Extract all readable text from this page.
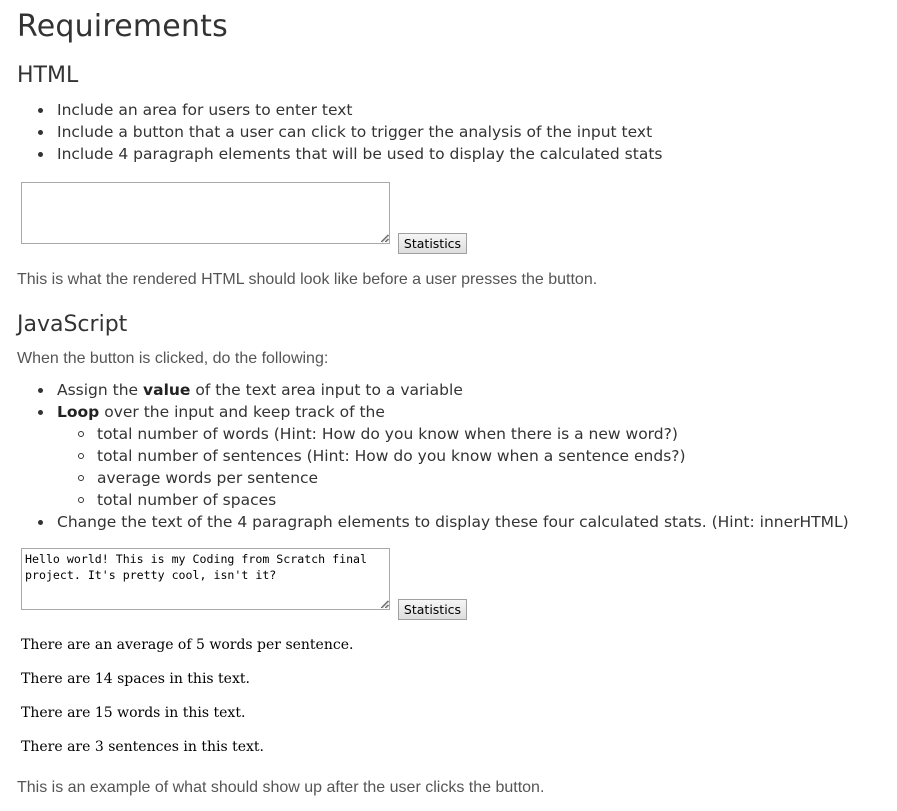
Requirements
HTML
Include an area for users to enter text
Include a button that a user can click to trigger the analysis of the input text
Include 4 paragraph elements that will be used to display the calculated stats
Statistics

This is what the rendered HTML should look like before a user presses the button.

JavaScript

When the button is clicked, do the following:

Assign the value of the text area input to a variable
Loop over the input and keep track of the
total number of words (Hint: How do you know when there is a new word?)
total number of sentences (Hint: How do you know when a sentence ends?)
average words per sentence
total number of spaces
Change the text of the 4 paragraph elements to display these four calculated stats. (Hint: innerHTML)
Hello world! This is my Coding from Scratch final project. It's pretty cool, isn't it?
Statistics

There are an average of 5 words per sentence.

There are 14 spaces in this text.

There are 15 words in this text.

There are 3 sentences in this text.

This is an example of what should show up after the user clicks the button.
